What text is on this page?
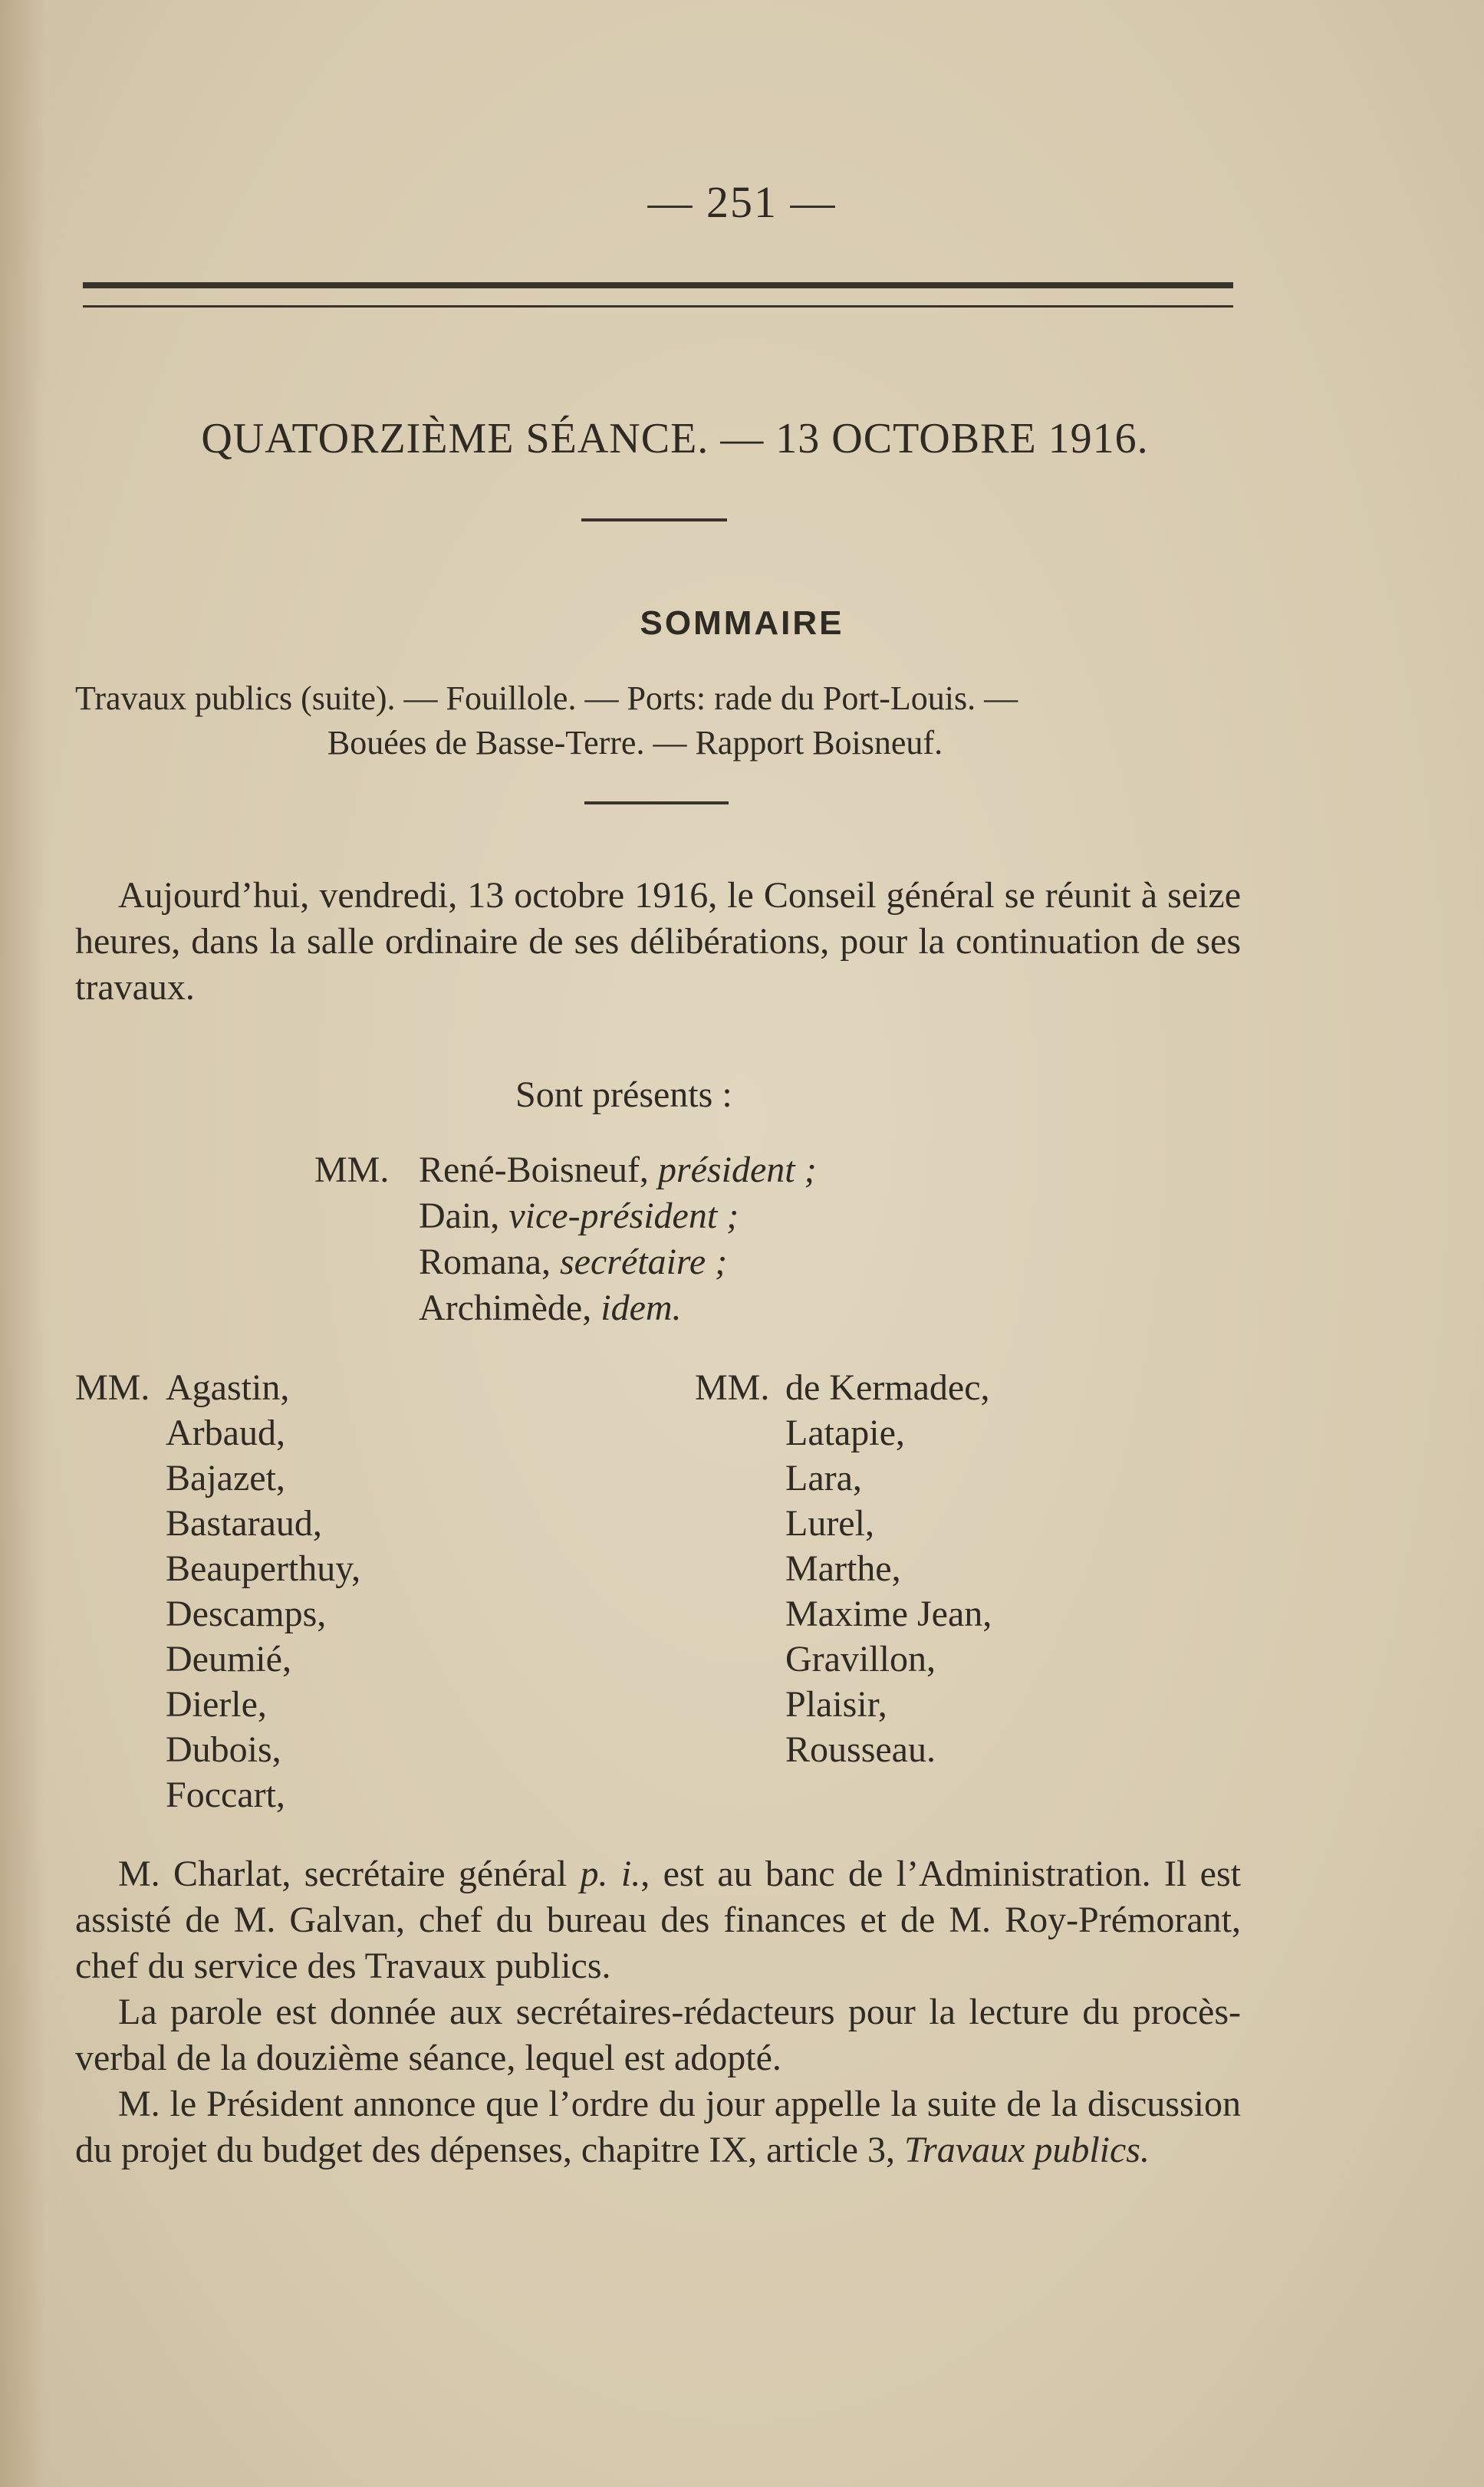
— 251 —
QUATORZIÈME SÉANCE. — 13 OCTOBRE 1916.
SOMMAIRE
Travaux publics (suite). — Fouillole. — Ports: rade du Port-Louis. —
Bouées de Basse-Terre. — Rapport Boisneuf.
Aujourd’hui, vendredi, 13 octobre 1916, le Conseil général se réunit à seize heures, dans la salle ordinaire de ses délibérations, pour la continuation de ses travaux.
Sont présents :
MM. René-Boisneuf, président ;
Dain, vice-président ;
Romana, secrétaire ;
Archimède, idem.
MM. Agastin,
Arbaud,
Bajazet,
Bastaraud,
Beauperthuy,
Descamps,
Deumié,
Dierle,
Dubois,
Foccart,
MM. de Kermadec,
Latapie,
Lara,
Lurel,
Marthe,
Maxime Jean,
Gravillon,
Plaisir,
Rousseau.

M. Charlat, secrétaire général p. i., est au banc de l’Administration. Il est assisté de M. Galvan, chef du bureau des finances et de M. Roy-Prémorant, chef du service des Travaux publics.

La parole est donnée aux secrétaires-rédacteurs pour la lecture du procès-verbal de la douzième séance, lequel est adopté.

M. le Président annonce que l’ordre du jour appelle la suite de la discussion du projet du budget des dépenses, chapitre IX, article 3, Travaux publics.
